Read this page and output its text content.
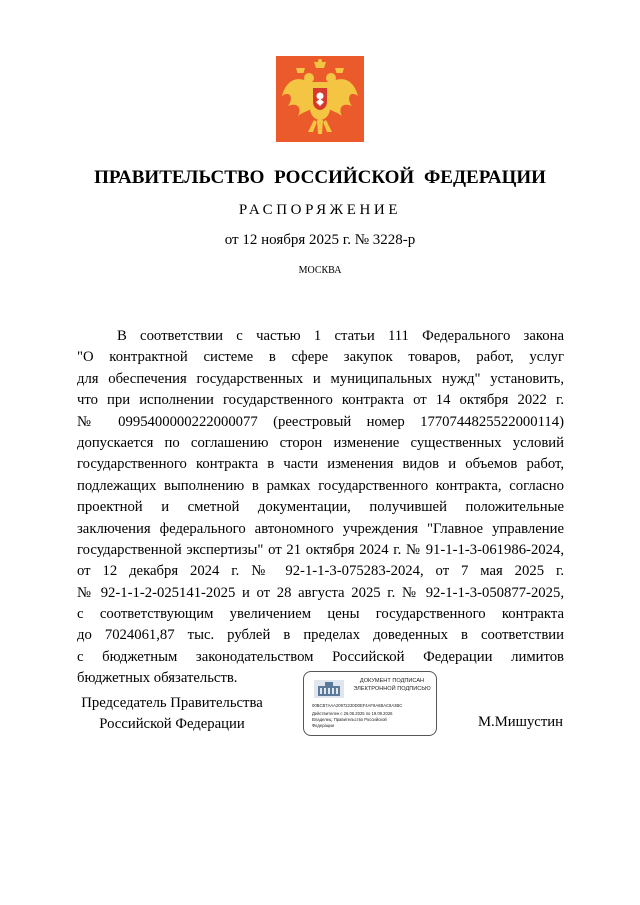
ПРАВИТЕЛЬСТВО РОССИЙСКОЙ ФЕДЕРАЦИИ
РАСПОРЯЖЕНИЕ
от 12 ноября 2025 г. № 3228-р
МОСКВА
В соответствии с частью 1 статьи 111 Федерального закона
"О контрактной системе в сфере закупок товаров, работ, услуг
для обеспечения государственных и муниципальных нужд" установить,
что при исполнении государственного контракта от 14 октября 2022 г.
№ 0995400000222000077 (реестровый номер 1770744825522000114)
допускается по соглашению сторон изменение существенных условий
государственного контракта в части изменения видов и объемов работ,
подлежащих выполнению в рамках государственного контракта, согласно
проектной и сметной документации, получившей положительные
заключения федерального автономного учреждения "Главное управление
государственной экспертизы" от 21 октября 2024 г. № 91-1-1-3-061986-2024,
от 12 декабря 2024 г. № 92-1-1-3-075283-2024, от 7 мая 2025 г.
№ 92-1-1-2-025141-2025 и от 28 августа 2025 г. № 92-1-1-3-050877-2025,
с соответствующим увеличением цены государственного контракта
до 7024061,87 тыс. рублей в пределах доведенных в соответствии
с бюджетным законодательством Российской Федерации лимитов
бюджетных обязательств.
Председатель Правительства
Российской Федерации
ДОКУМЕНТ ПОДПИСАН
ЭЛЕКТРОННОЙ ПОДПИСЬЮ
00BCB7AAA20972230D0EF4AF8A6BAC8A3BC
Действителен с 26.06.2025 по 19.09.2026
Владелец: Правительство Российской
Федерации	М.Мишустин
